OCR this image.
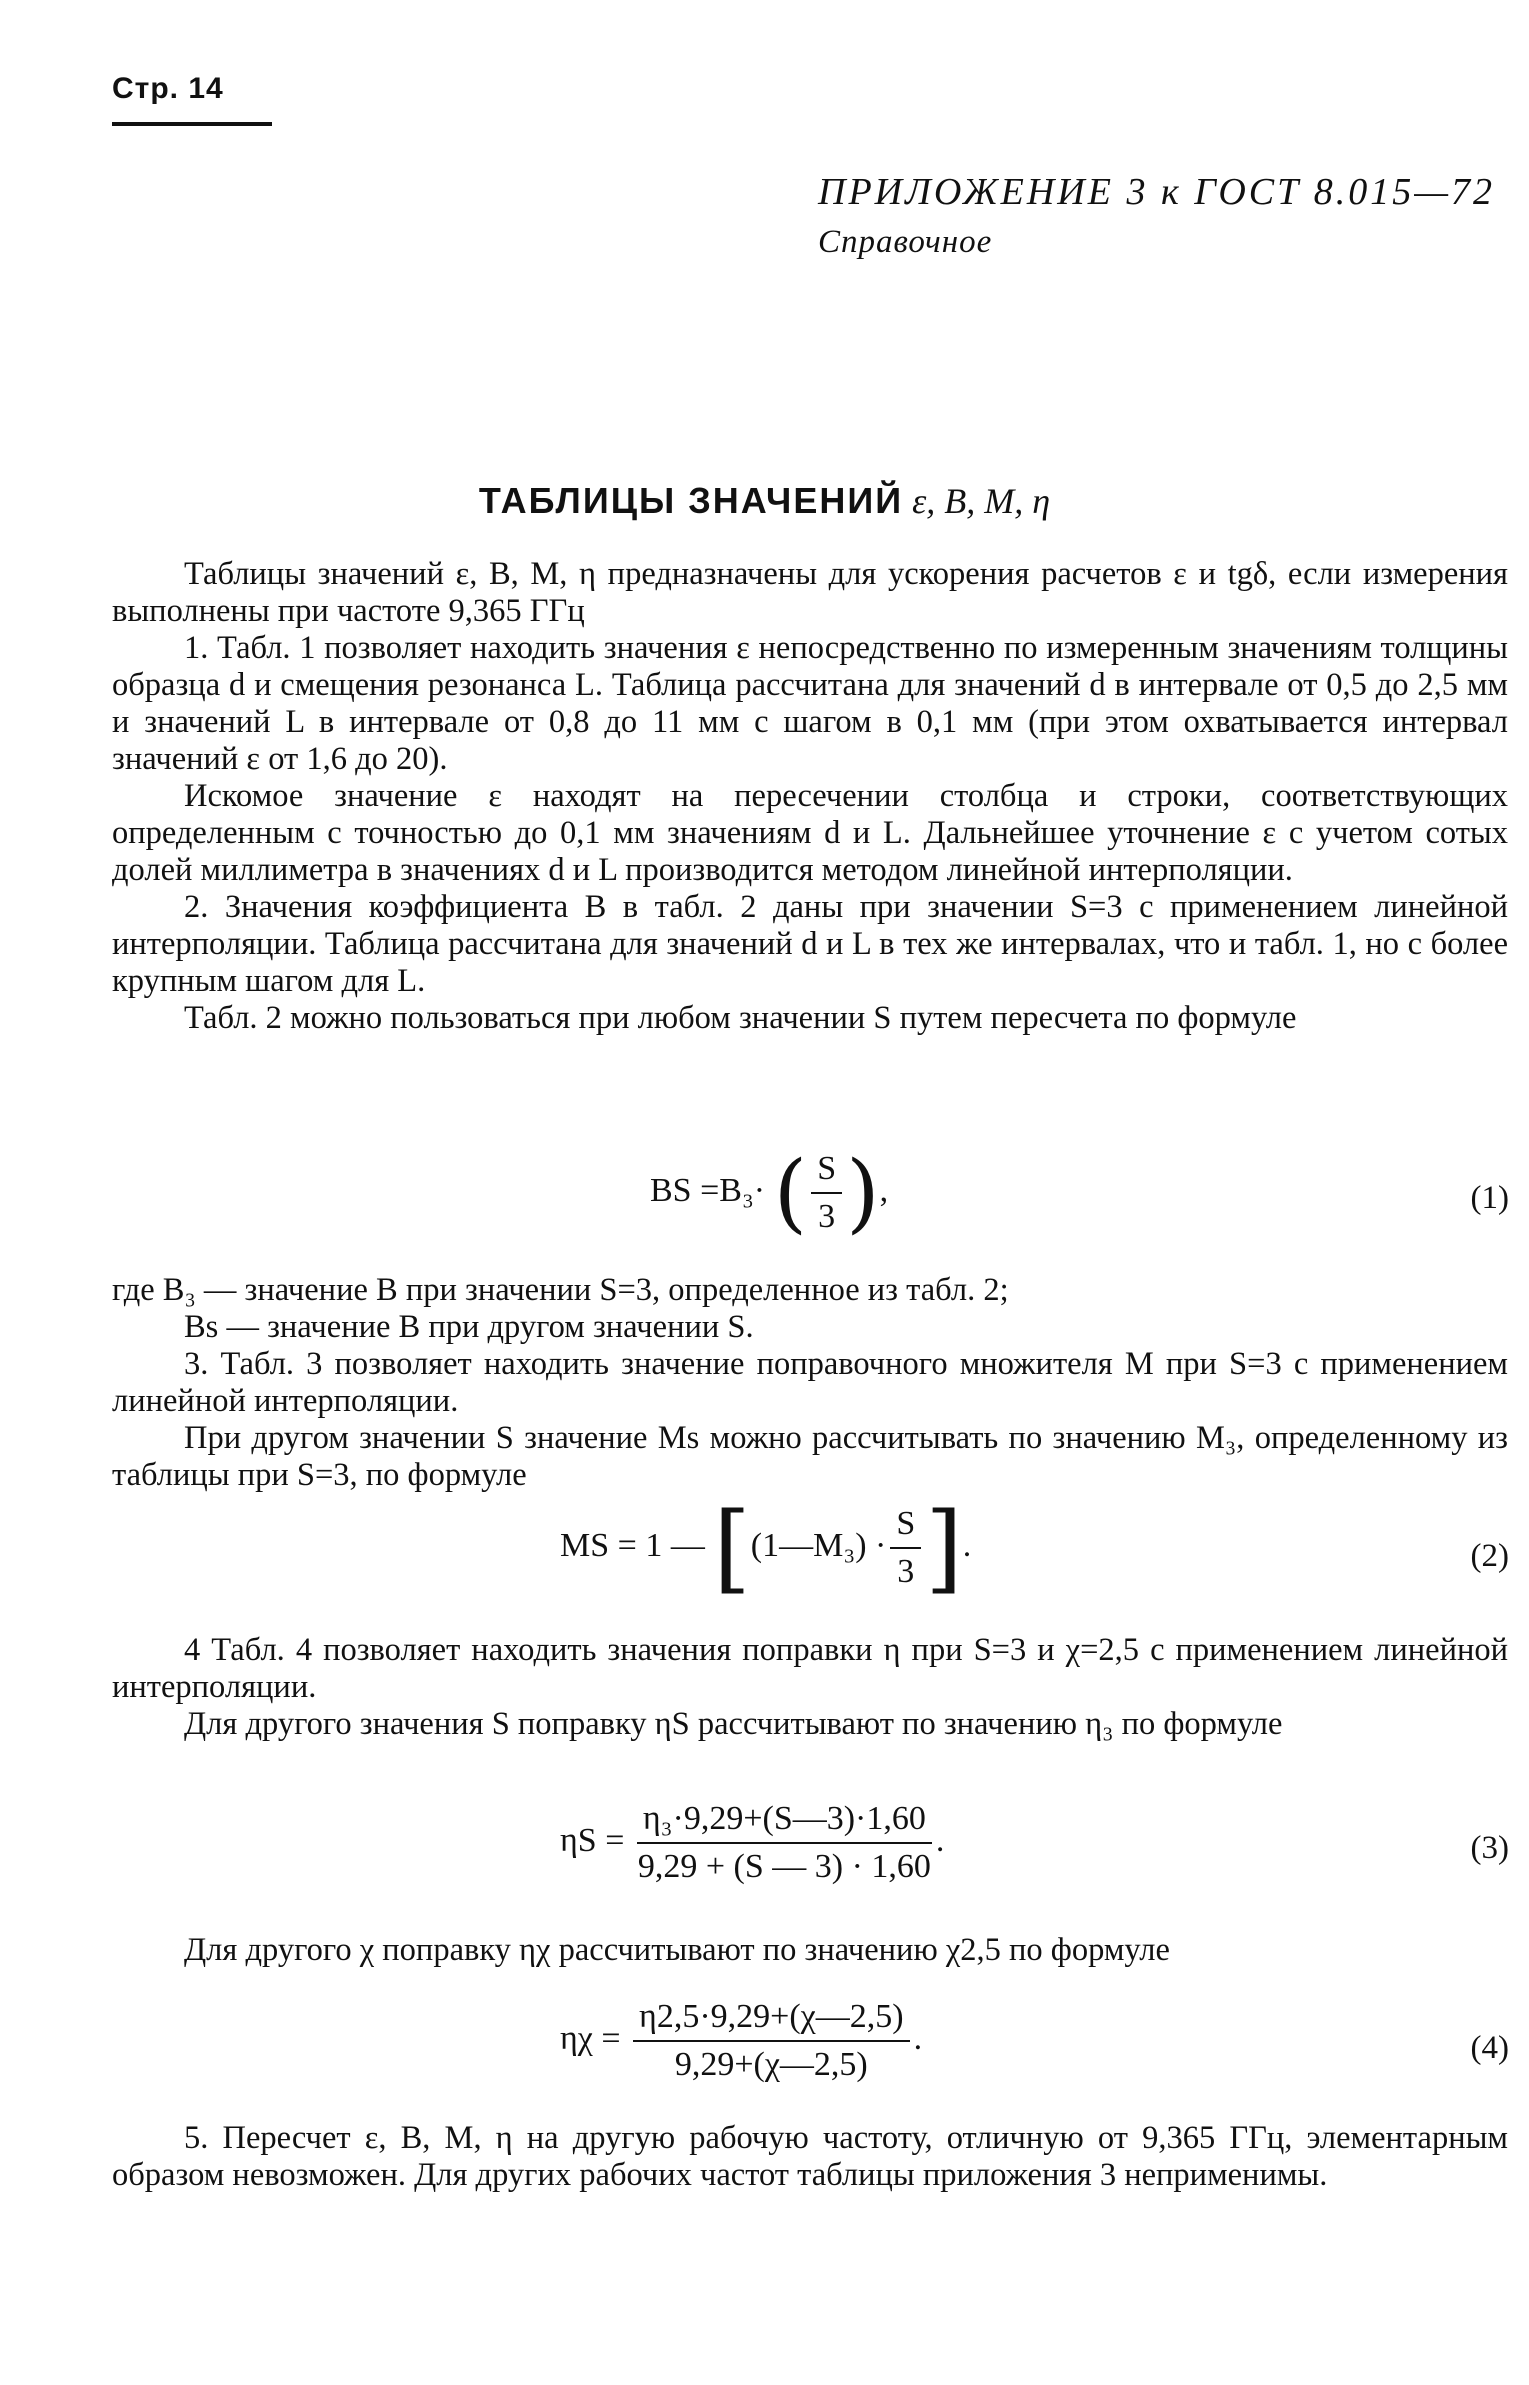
Стр. 14
ПРИЛОЖЕНИЕ 3 к ГОСТ 8.015—72
Справочное
ТАБЛИЦЫ ЗНАЧЕНИЙ ε, B, M, η

Таблицы значений ε, B, M, η предназначены для ускорения расчетов ε и tgδ, если измерения выполнены при частоте 9,365 ГГц

1. Табл. 1 позволяет находить значения ε непосредственно по измеренным значениям толщины образца d и смещения резонанса L. Таблица рассчитана для значений d в интервале от 0,5 до 2,5 мм и значений L в интервале от 0,8 до 11 мм с шагом в 0,1 мм (при этом охватывается интервал значений ε от 1,6 до 20).

Искомое значение ε находят на пересечении столбца и строки, соответствующих определенным с точностью до 0,1 мм значениям d и L. Дальнейшее уточнение ε с учетом сотых долей миллиметра в значениях d и L производится методом линейной интерполяции.

2. Значения коэффициента B в табл. 2 даны при значении S=3 с применением линейной интерполяции. Таблица рассчитана для значений d и L в тех же интервалах, что и табл. 1, но с более крупным шагом для L.

Табл. 2 можно пользоваться при любом значении S путем пересчета по формуле

BS =B₃· ( $\frac{S}{3}$ ),	(1)

где B₃ — значение B при значении S=3, определенное из табл. 2;

Bs — значение B при другом значении S.

3. Табл. 3 позволяет находить значение поправочного множителя M при S=3 с применением линейной интерполяции.

При другом значении S значение Ms можно рассчитывать по значению M₃, определенному из таблицы при S=3, по формуле

MS = 1 — [(1—M₃) · $\frac{S}{3}$ ].	(2)

4 Табл. 4 позволяет находить значения поправки η при S=3 и χ=2,5 с применением линейной интерполяции.

Для другого значения S поправку ηS рассчитывают по значению η₃ по формуле

$\eta S = \frac{\text{η₃·9,29+(S—3)·1,60}}{9,29 + (S — 3) \cdot 1,60}$ .	(3)

Для другого χ поправку ηχ рассчитывают по значению χ2,5 по формуле

$\eta\chi = \frac{\eta 2,5\cdot 9,29+(\chi—2,5)}{9,29+(\chi—2,5)}$ .	(4)

5. Пересчет ε, B, M, η на другую рабочую частоту, отличную от 9,365 ГГц, элементарным образом невозможен. Для других рабочих частот таблицы приложения 3 неприменимы.
